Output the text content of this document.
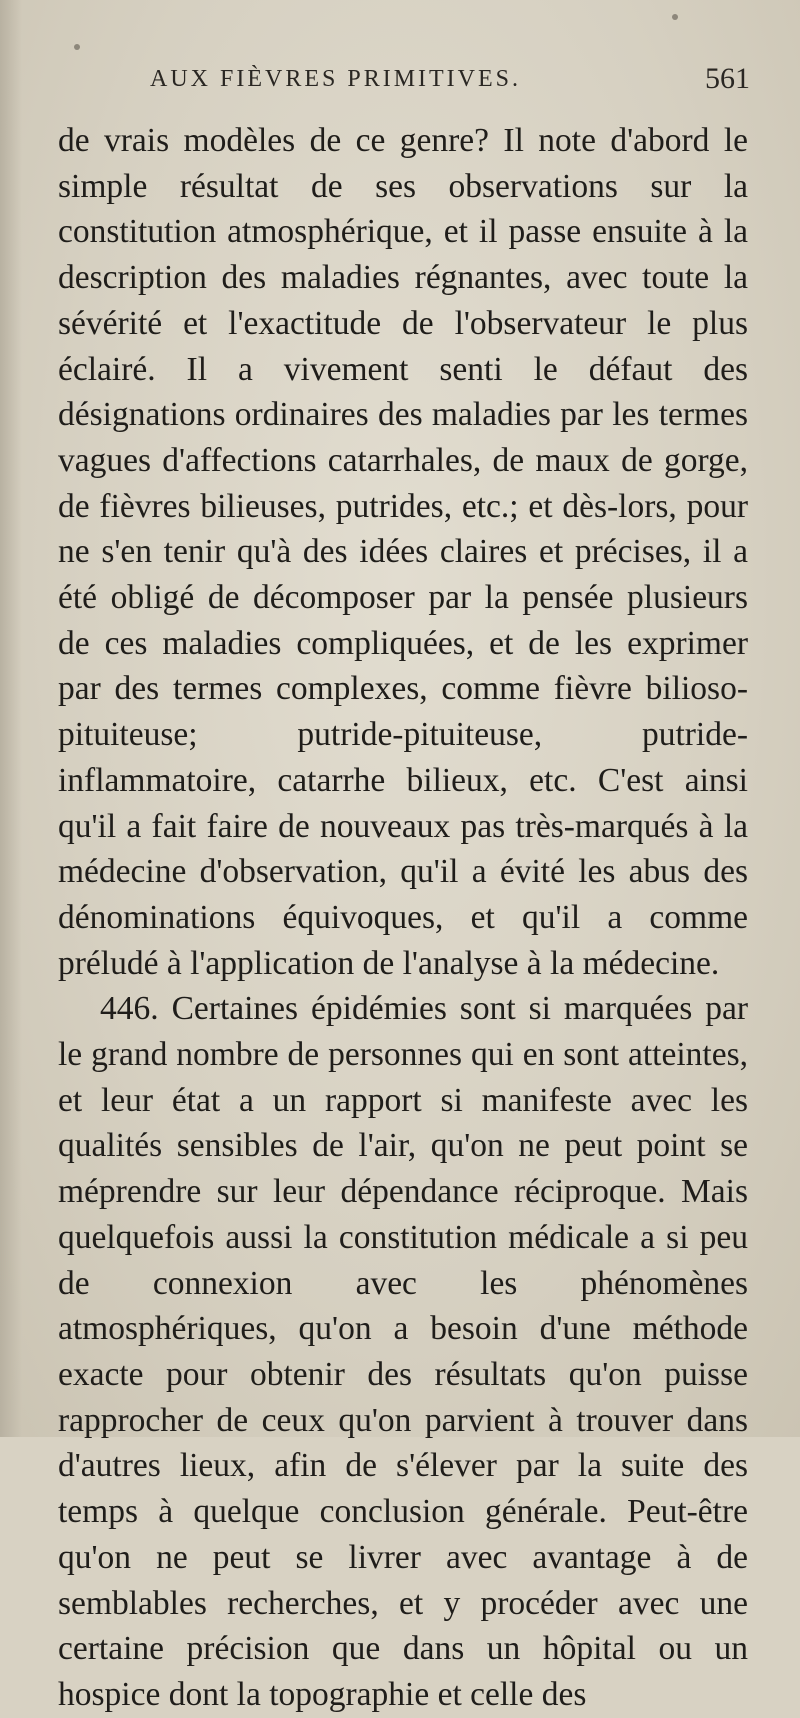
AUX FIÈVRES PRIMITIVES.	561

de vrais modèles de ce genre? Il note d'abord le simple résultat de ses observations sur la constitution atmosphérique, et il passe ensuite à la description des maladies régnantes, avec toute la sévérité et l'exactitude de l'observateur le plus éclairé. Il a vivement senti le défaut des désignations ordinaires des maladies par les termes vagues d'affections catarrhales, de maux de gorge, de fièvres bilieuses, putrides, etc.; et dès-lors, pour ne s'en tenir qu'à des idées claires et précises, il a été obligé de décomposer par la pensée plusieurs de ces maladies compliquées, et de les exprimer par des termes complexes, comme fièvre bilioso-pituiteuse; putride-pituiteuse, putride-inflammatoire, catarrhe bilieux, etc. C'est ainsi qu'il a fait faire de nouveaux pas très-marqués à la médecine d'observation, qu'il a évité les abus des dénominations équivoques, et qu'il a comme préludé à l'application de l'analyse à la médecine.

446. Certaines épidémies sont si marquées par le grand nombre de personnes qui en sont atteintes, et leur état a un rapport si manifeste avec les qualités sensibles de l'air, qu'on ne peut point se méprendre sur leur dépendance réciproque. Mais quelquefois aussi la constitution médicale a si peu de connexion avec les phénomènes atmosphériques, qu'on a besoin d'une méthode exacte pour obtenir des résultats qu'on puisse rapprocher de ceux qu'on parvient à trouver dans d'autres lieux, afin de s'élever par la suite des temps à quelque conclusion générale. Peut-être qu'on ne peut se livrer avec avantage à de semblables recherches, et y procéder avec une certaine précision que dans un hôpital ou un hospice dont la topographie et celle des
